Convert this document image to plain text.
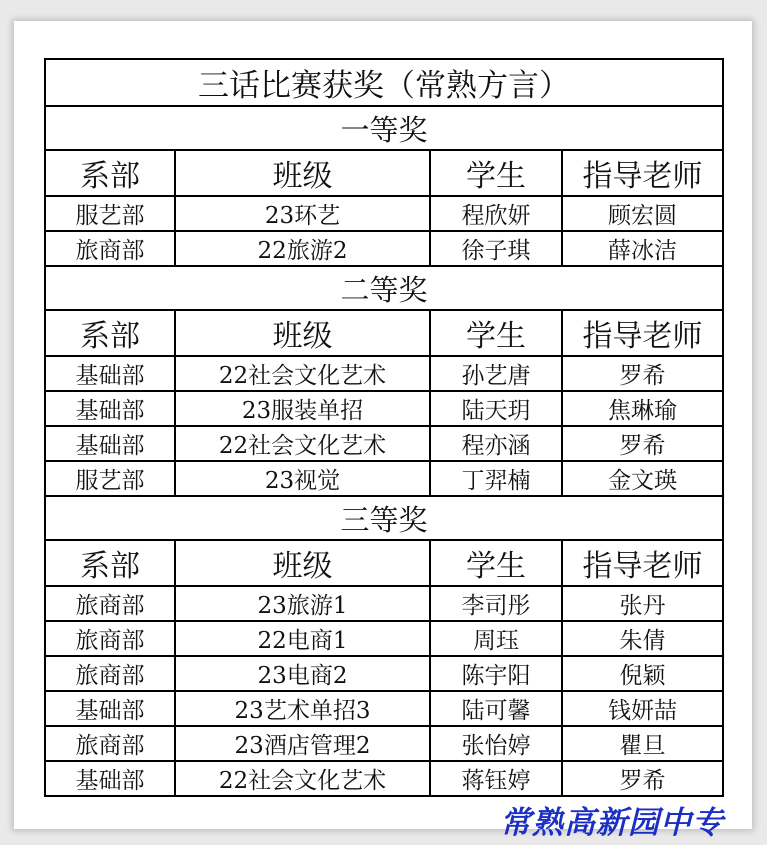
三话比赛获奖（常熟方言）			
一等奖			
系部	班级	学生	指导老师
服艺部	23环艺	程欣妍	顾宏圆
旅商部	22旅游2	徐子琪	薛冰洁
二等奖			
系部	班级	学生	指导老师
基础部	22社会文化艺术	孙艺唐	罗希
基础部	23服装单招	陆天玥	焦琳瑜
基础部	22社会文化艺术	程亦涵	罗希
服艺部	23视觉	丁羿楠	金文瑛
三等奖			
系部	班级	学生	指导老师
旅商部	23旅游1	李司彤	张丹
旅商部	22电商1	周珏	朱倩
旅商部	23电商2	陈宇阳	倪颖
基础部	23艺术单招3	陆可馨	钱妍喆
旅商部	23酒店管理2	张怡婷	瞿旦
基础部	22社会文化艺术	蒋钰婷	罗希
常熟高新园中专
